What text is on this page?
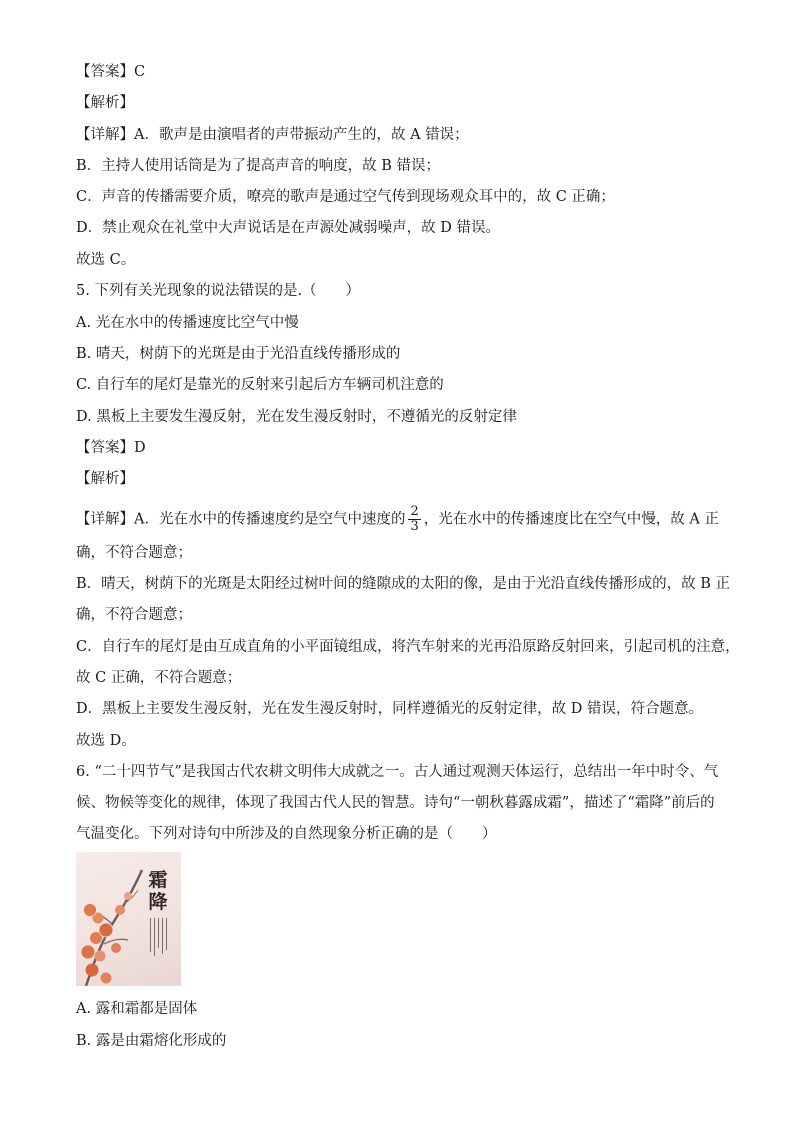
【答案】C
【解析】
【详解】A．歌声是由演唱者的声带振动产生的，故 A 错误；
B．主持人使用话筒是为了提高声音的响度，故 B 错误；
C．声音的传播需要介质，嘹亮的歌声是通过空气传到现场观众耳中的，故 C 正确；
D．禁止观众在礼堂中大声说话是在声源处减弱噪声，故 D 错误。
故选 C。
5. 下列有关光现象的说法错误的是.（　　）
A. 光在水中的传播速度比空气中慢
B. 晴天，树荫下的光斑是由于光沿直线传播形成的
C. 自行车的尾灯是靠光的反射来引起后方车辆司机注意的
D. 黑板上主要发生漫反射，光在发生漫反射时，不遵循光的反射定律
【答案】D
【解析】
【详解】A．光在水中的传播速度约是空气中速度的 $\frac{2}{3}$ ，光在水中的传播速度比在空气中慢，故 A 正
确，不符合题意；
B．晴天，树荫下的光斑是太阳经过树叶间的缝隙成的太阳的像，是由于光沿直线传播形成的，故 B 正
确，不符合题意；
C．自行车的尾灯是由互成直角的小平面镜组成，将汽车射来的光再沿原路反射回来，引起司机的注意，
故 C 正确，不符合题意；
D．黑板上主要发生漫反射，光在发生漫反射时，同样遵循光的反射定律，故 D 错误，符合题意。
故选 D。
6. “二十四节气”是我国古代农耕文明伟大成就之一。古人通过观测天体运行，总结出一年中时令、气
候、物候等变化的规律，体现了我国古代人民的智慧。诗句“一朝秋暮露成霜”，描述了“霜降”前后的
气温变化。下列对诗句中所涉及的自然现象分析正确的是（　　）
霜
降
A. 露和霜都是固体
B. 露是由霜熔化形成的
